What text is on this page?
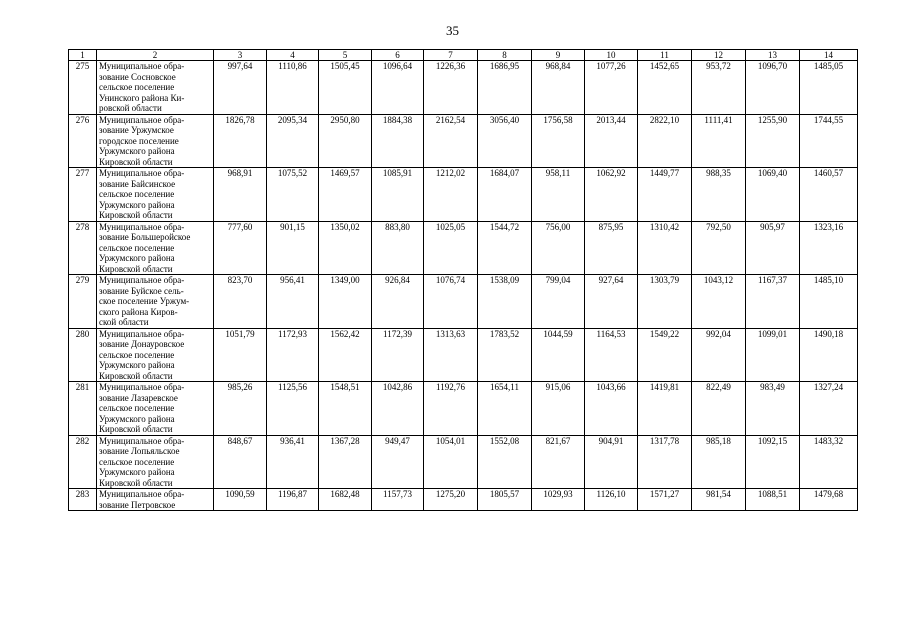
35
1	2	3	4	5	6	7	8	9	10	11	12	13	14
275	Муниципальное обра-
зование Сосновское
сельское поселение
Унинского района Ки-
ровской области	997,64	1110,86	1505,45	1096,64	1226,36	1686,95	968,84	1077,26	1452,65	953,72	1096,70	1485,05
276	Муниципальное обра-
зование Уржумское
городское поселение
Уржумского района
Кировской области	1826,78	2095,34	2950,80	1884,38	2162,54	3056,40	1756,58	2013,44	2822,10	1111,41	1255,90	1744,55
277	Муниципальное обра-
зование Байсинское
сельское поселение
Уржумского района
Кировской области	968,91	1075,52	1469,57	1085,91	1212,02	1684,07	958,11	1062,92	1449,77	988,35	1069,40	1460,57
278	Муниципальное обра-
зование Большеройское
сельское поселение
Уржумского района
Кировской области	777,60	901,15	1350,02	883,80	1025,05	1544,72	756,00	875,95	1310,42	792,50	905,97	1323,16
279	Муниципальное обра-
зование Буйское сель-
ское поселение Уржум-
ского района Киров-
ской области	823,70	956,41	1349,00	926,84	1076,74	1538,09	799,04	927,64	1303,79	1043,12	1167,37	1485,10
280	Муниципальное обра-
зование Донауровское
сельское поселение
Уржумского района
Кировской области	1051,79	1172,93	1562,42	1172,39	1313,63	1783,52	1044,59	1164,53	1549,22	992,04	1099,01	1490,18
281	Муниципальное обра-
зование Лазаревское
сельское поселение
Уржумского района
Кировской области	985,26	1125,56	1548,51	1042,86	1192,76	1654,11	915,06	1043,66	1419,81	822,49	983,49	1327,24
282	Муниципальное обра-
зование Лопьяльское
сельское поселение
Уржумского района
Кировской области	848,67	936,41	1367,28	949,47	1054,01	1552,08	821,67	904,91	1317,78	985,18	1092,15	1483,32
283	Муниципальное обра-
зование Петровское	1090,59	1196,87	1682,48	1157,73	1275,20	1805,57	1029,93	1126,10	1571,27	981,54	1088,51	1479,68
